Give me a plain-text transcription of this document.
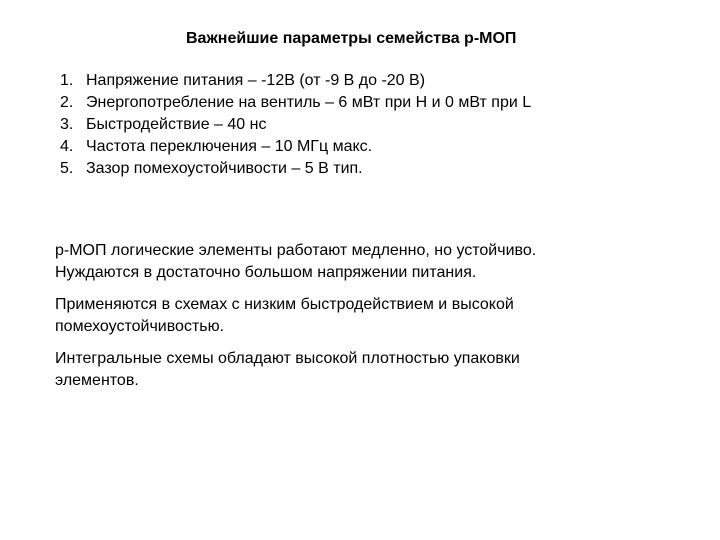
Важнейшие параметры семейства р-МОП
1. Напряжение питания – -12В (от -9 В до -20 В)
2. Энергопотребление на вентиль – 6 мВт при H и 0 мВт при L
3. Быстродействие – 40 нс
4. Частота переключения – 10 МГц макс.
5. Зазор помехоустойчивости – 5 В тип.

р-МОП логические элементы работают медленно, но устойчиво.
Нуждаются в достаточно большом напряжении питания.

Применяются в схемах с низким быстродействием и высокой
помехоустойчивостью.

Интегральные схемы обладают высокой плотностью упаковки
элементов.
